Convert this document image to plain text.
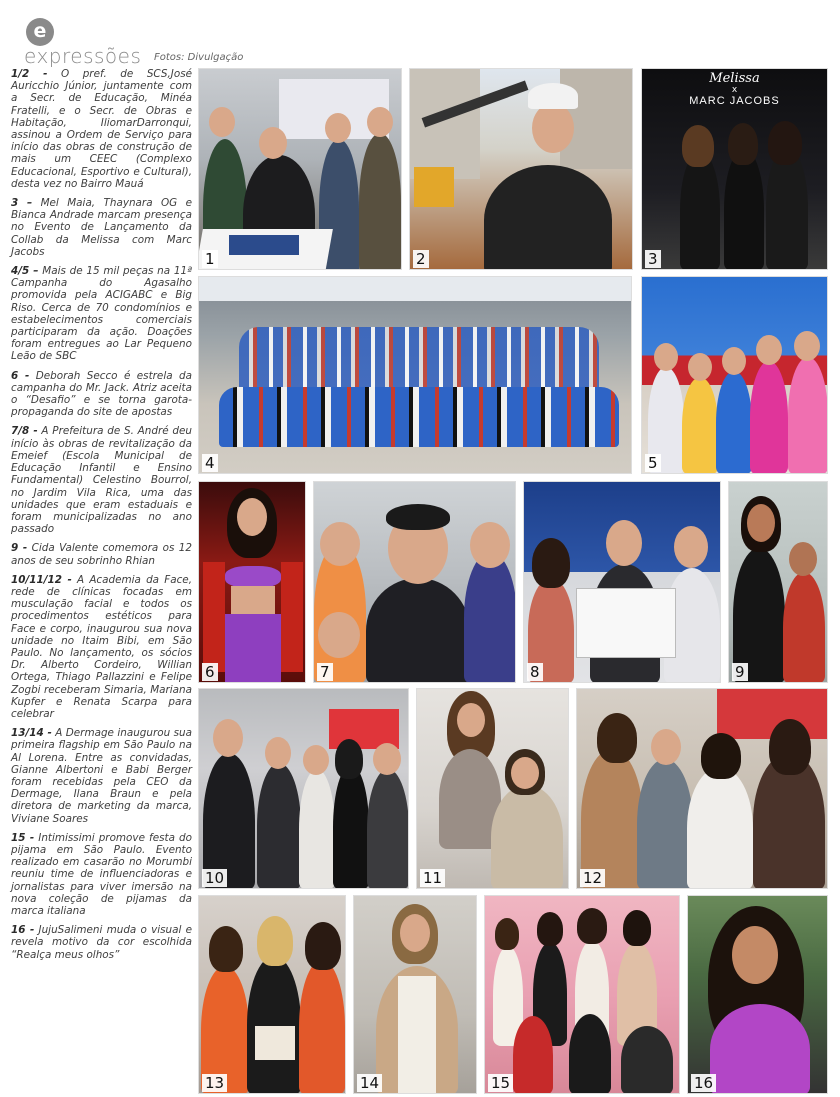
e
expressões Fotos: Divulgação

1/2 - O pref. de SCS,José Auricchio Júnior, juntamente com a Secr. de Educação, Minéa Fratelli, e o Secr. de Obras e Habitação, IliomarDarronqui, assinou a Ordem de Serviço para início das obras de construção de mais um CEEC (Complexo Educacional, Esportivo e Cultural), desta vez no Bairro Mauá

3 – Mel Maia, Thaynara OG e Bianca Andrade marcam presença no Evento de Lançamento da Collab da Melissa com Marc Jacobs

4/5 – Mais de 15 mil peças na 11ª Campanha do Agasalho promovida pela ACIGABC e Big Riso. Cerca de 70 condomínios e estabelecimentos comerciais participaram da ação. Doações foram entregues ao Lar Pequeno Leão de SBC

6 - Deborah Secco é estrela da campanha do Mr. Jack. Atriz aceita o “Desafio” e se torna garota-propaganda do site de apostas

7/8 - A Prefeitura de S. André deu início às obras de revitalização da Emeief (Escola Municipal de Educação Infantil e Ensino Fundamental) Celestino Bourrol, no Jardim Vila Rica, uma das unidades que eram estaduais e foram municipalizadas no ano passado

9 - Cida Valente comemora os 12 anos de seu sobrinho Rhian

10/11/12 - A Academia da Face, rede de clínicas focadas em musculação facial e todos os procedimentos estéticos para Face e corpo, inaugurou sua nova unidade no Itaim Bibi, em São Paulo. No lançamento, os sócios Dr. Alberto Cordeiro, Willian Ortega, Thiago Pallazzini e Felipe Zogbi receberam Simaria, Mariana Kupfer e Renata Scarpa para celebrar

13/14 - A Dermage inaugurou sua primeira flagship em São Paulo na Al Lorena. Entre as convidadas, Gianne Albertoni e Babi Berger foram recebidas pela CEO da Dermage, Ilana Braun e pela diretora de marketing da marca, Viviane Soares

15 - Intimissimi promove festa do pijama em São Paulo. Evento realizado em casarão no Morumbi reuniu time de influenciadoras e jornalistas para viver imersão na nova coleção de pijamas da marca italiana

16 - JujuSalimeni muda o visual e revela motivo da cor escolhida “Realça meus olhos”

1	2
Melissa
x
MARC JACOBS
3
4	5
6	7	8	9
10	11	12
13	14	15	16
